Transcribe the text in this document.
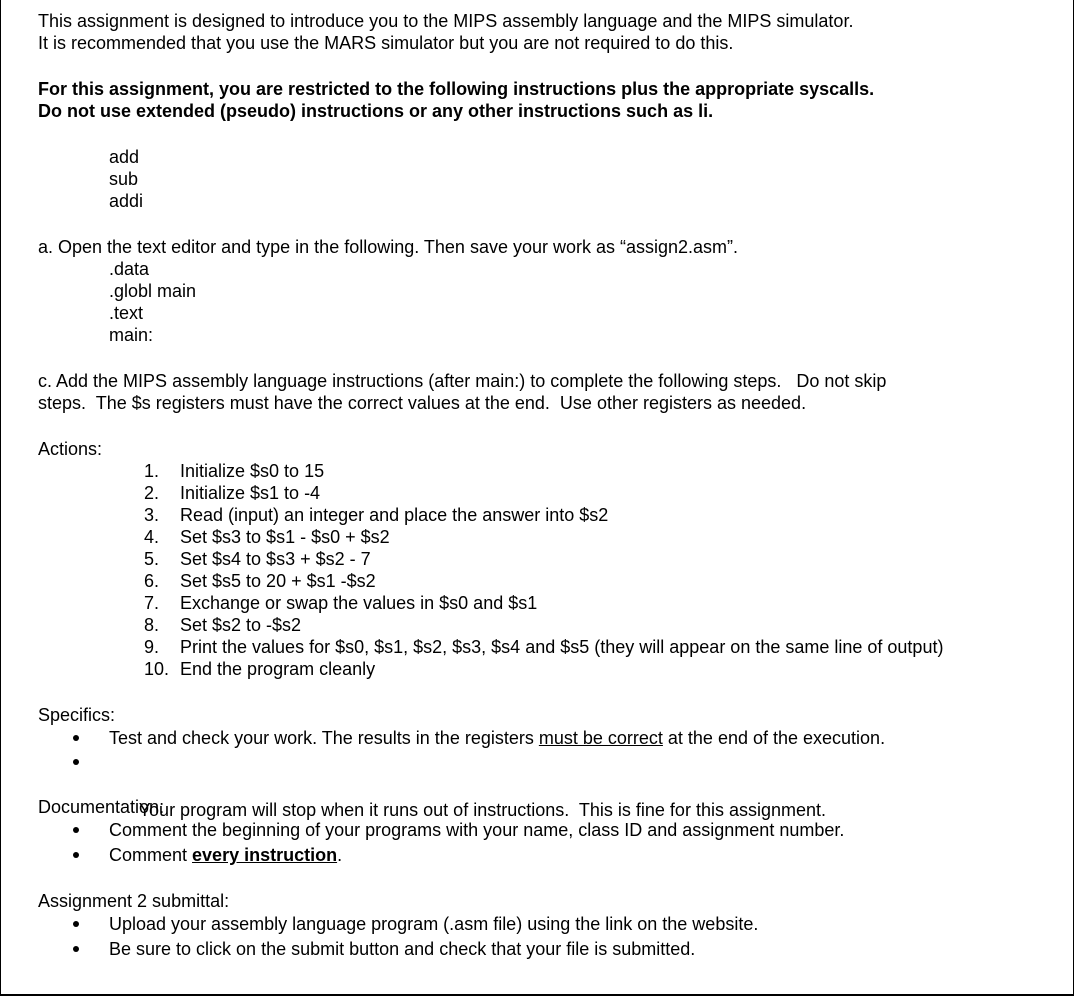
This assignment is designed to introduce you to the MIPS assembly language and the MIPS simulator.

It is recommended that you use the MARS simulator but you are not required to do this.

For this assignment, you are restricted to the following instructions plus the appropriate syscalls.

Do not use extended (pseudo) instructions or any other instructions such as li.

add

sub

addi

a. Open the text editor and type in the following. Then save your work as “assign2.asm”.

.data

.globl main

.text

main:

c. Add the MIPS assembly language instructions (after main:) to complete the following steps.   Do not skip

steps.  The $s registers must have the correct values at the end.  Use other registers as needed.

Actions:

1. Initialize $s0 to 15
2. Initialize $s1 to -4
3. Read (input) an integer and place the answer into $s2
4. Set $s3 to $s1 - $s0 + $s2
5. Set $s4 to $s3 + $s2 - 7
6. Set $s5 to 20 + $s1 -$s2
7. Exchange or swap the values in $s0 and $s1
8. Set $s2 to -$s2
9. Print the values for $s0, $s1, $s2, $s3, $s4 and $s5 (they will appear on the same line of output)
10. End the program cleanly

Specifics:

Test and check your work. The results in the registers must be correct at the end of the execution.

Your program will stop when it runs out of instructions.  This is fine for this assignment.

Documentation:

Comment the beginning of your programs with your name, class ID and assignment number.
Comment every instruction.

Assignment 2 submittal:

Upload your assembly language program (.asm file) using the link on the website.
Be sure to click on the submit button and check that your file is submitted.
